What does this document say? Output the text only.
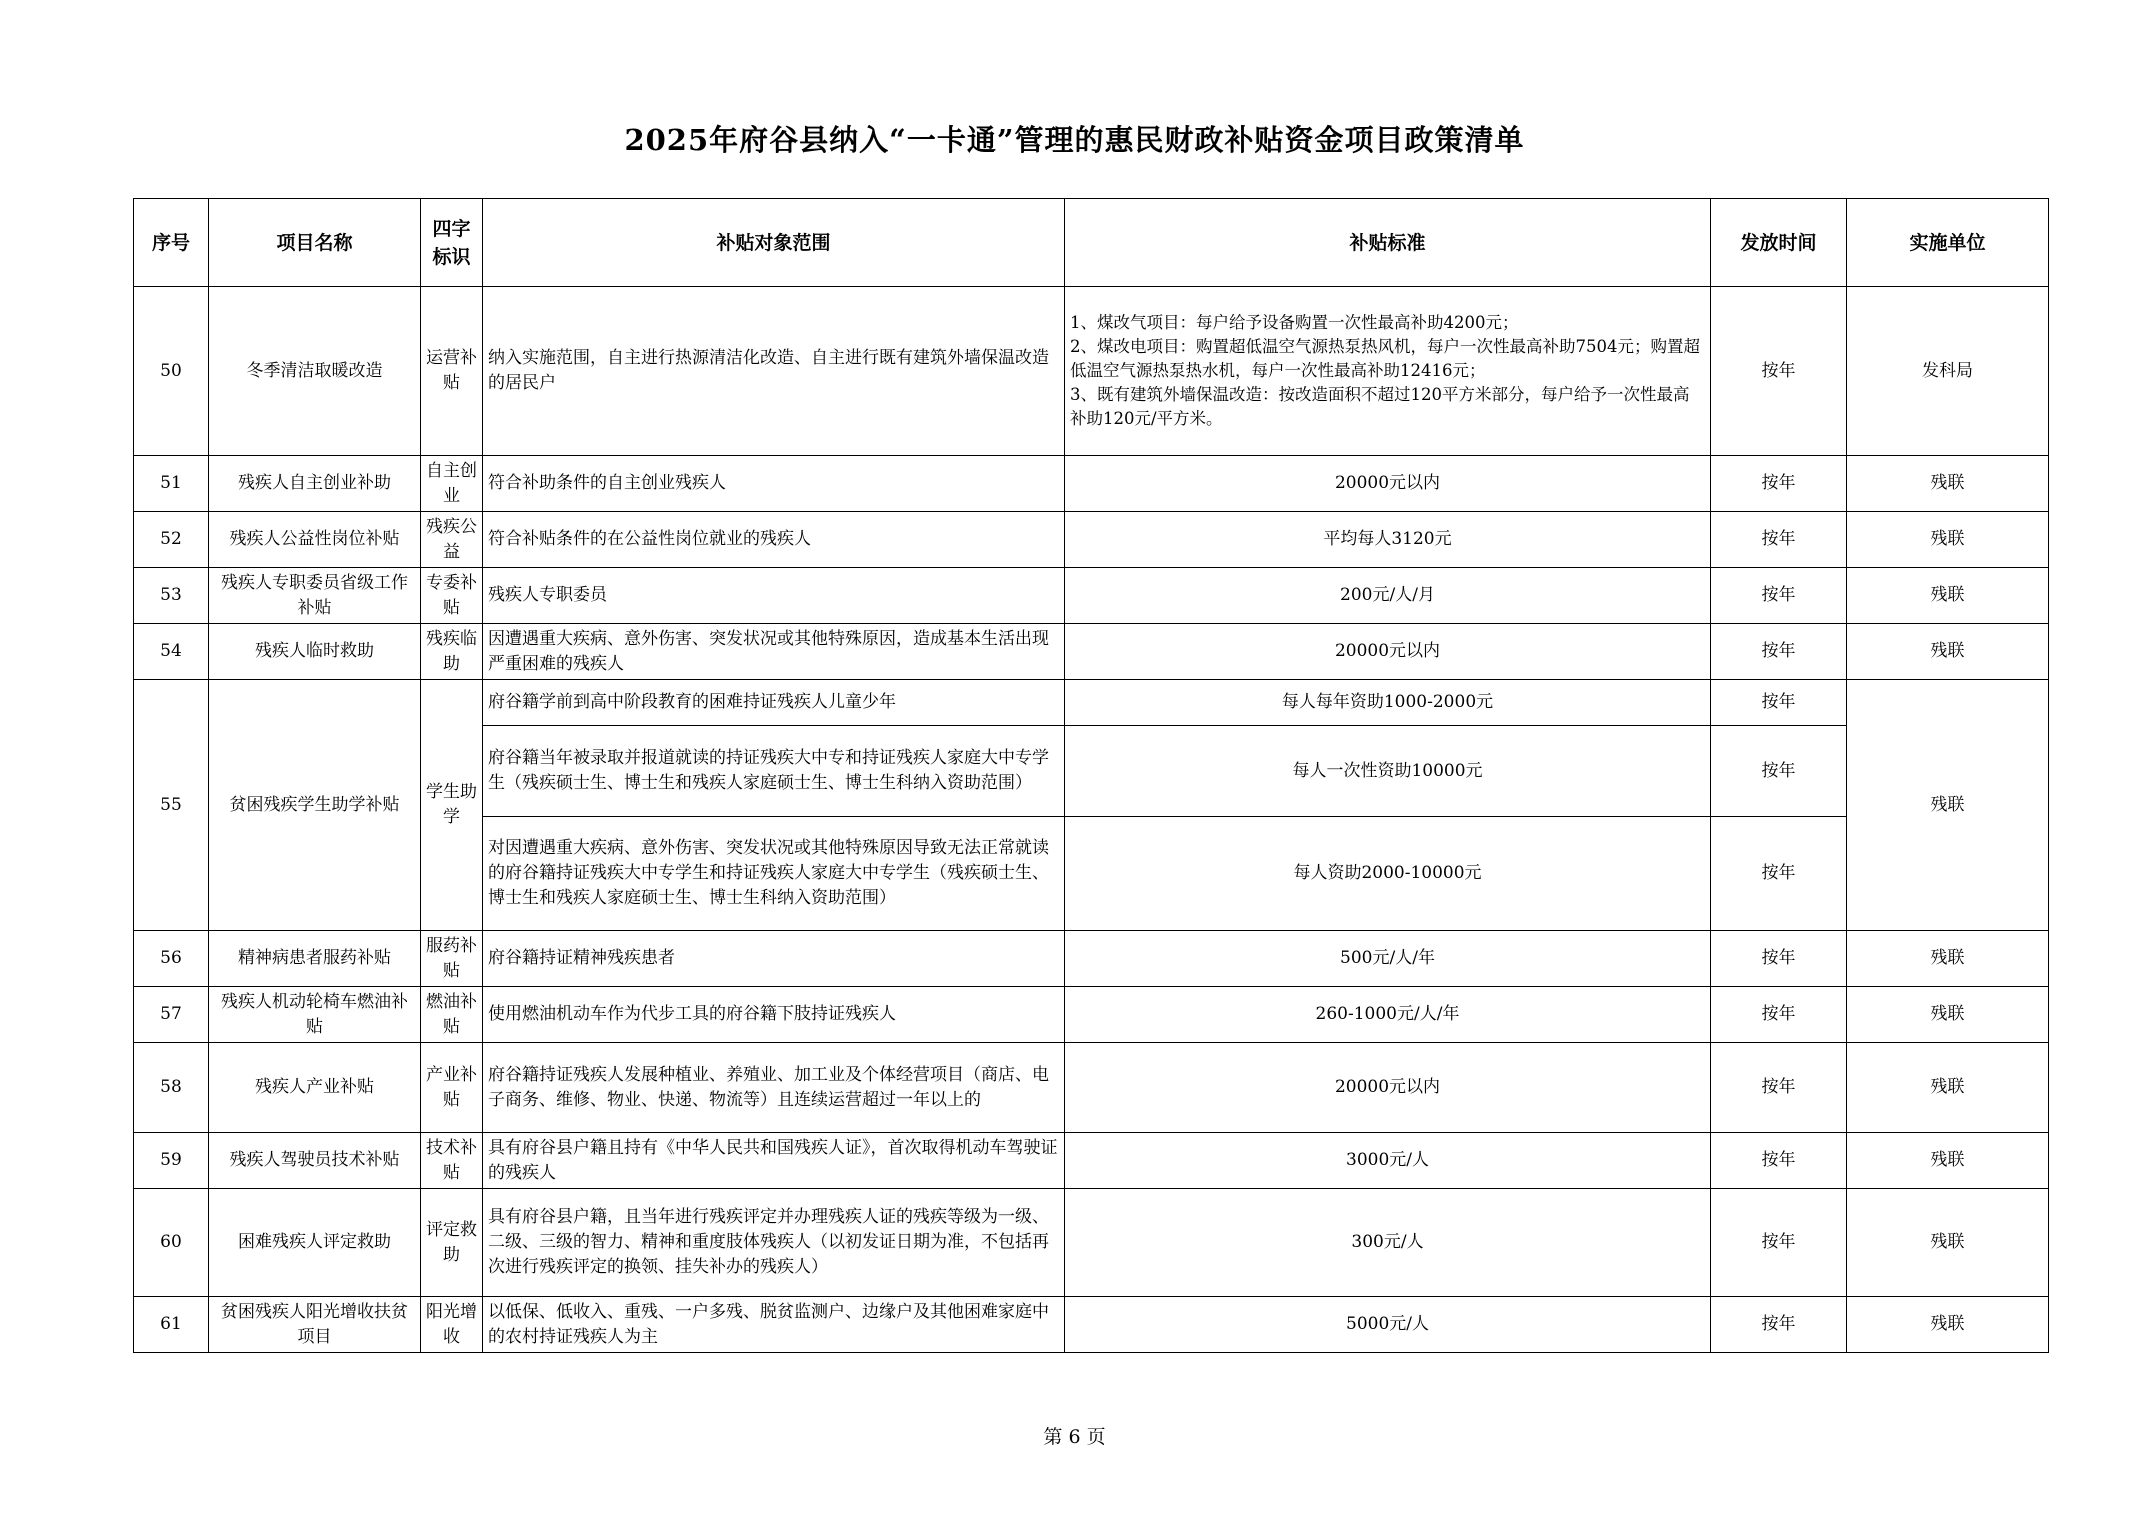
2025年府谷县纳入“一卡通”管理的惠民财政补贴资金项目政策清单
序号	项目名称	四字标识	补贴对象范围	补贴标准	发放时间	实施单位
50	冬季清洁取暖改造	运营补贴	纳入实施范围，自主进行热源清洁化改造、自主进行既有建筑外墙保温改造的居民户	1、煤改气项目：每户给予设备购置一次性最高补助4200元；
2、煤改电项目：购置超低温空气源热泵热风机，每户一次性最高补助7504元；购置超低温空气源热泵热水机，每户一次性最高补助12416元；
3、既有建筑外墙保温改造：按改造面积不超过120平方米部分，每户给予一次性最高补助120元/平方米。	按年	发科局
51	残疾人自主创业补助	自主创业	符合补助条件的自主创业残疾人	20000元以内	按年	残联
52	残疾人公益性岗位补贴	残疾公益	符合补贴条件的在公益性岗位就业的残疾人	平均每人3120元	按年	残联
53	残疾人专职委员省级工作补贴	专委补贴	残疾人专职委员	200元/人/月	按年	残联
54	残疾人临时救助	残疾临助	因遭遇重大疾病、意外伤害、突发状况或其他特殊原因，造成基本生活出现严重困难的残疾人	20000元以内	按年	残联
55	贫困残疾学生助学补贴	学生助学	府谷籍学前到高中阶段教育的困难持证残疾人儿童少年	每人每年资助1000-2000元	按年	残联
			府谷籍当年被录取并报道就读的持证残疾大中专和持证残疾人家庭大中专学生（残疾硕士生、博士生和残疾人家庭硕士生、博士生科纳入资助范围）	每人一次性资助10000元	按年	
			对因遭遇重大疾病、意外伤害、突发状况或其他特殊原因导致无法正常就读的府谷籍持证残疾大中专学生和持证残疾人家庭大中专学生（残疾硕士生、博士生和残疾人家庭硕士生、博士生科纳入资助范围）	每人资助2000-10000元	按年	
56	精神病患者服药补贴	服药补贴	府谷籍持证精神残疾患者	500元/人/年	按年	残联
57	残疾人机动轮椅车燃油补贴	燃油补贴	使用燃油机动车作为代步工具的府谷籍下肢持证残疾人	260-1000元/人/年	按年	残联
58	残疾人产业补贴	产业补贴	府谷籍持证残疾人发展种植业、养殖业、加工业及个体经营项目（商店、电子商务、维修、物业、快递、物流等）且连续运营超过一年以上的	20000元以内	按年	残联
59	残疾人驾驶员技术补贴	技术补贴	具有府谷县户籍且持有《中华人民共和国残疾人证》，首次取得机动车驾驶证的残疾人	3000元/人	按年	残联
60	困难残疾人评定救助	评定救助	具有府谷县户籍，且当年进行残疾评定并办理残疾人证的残疾等级为一级、二级、三级的智力、精神和重度肢体残疾人（以初发证日期为准，不包括再次进行残疾评定的换领、挂失补办的残疾人）	300元/人	按年	残联
61	贫困残疾人阳光增收扶贫项目	阳光增收	以低保、低收入、重残、一户多残、脱贫监测户、边缘户及其他困难家庭中的农村持证残疾人为主	5000元/人	按年	残联
第 6 页
